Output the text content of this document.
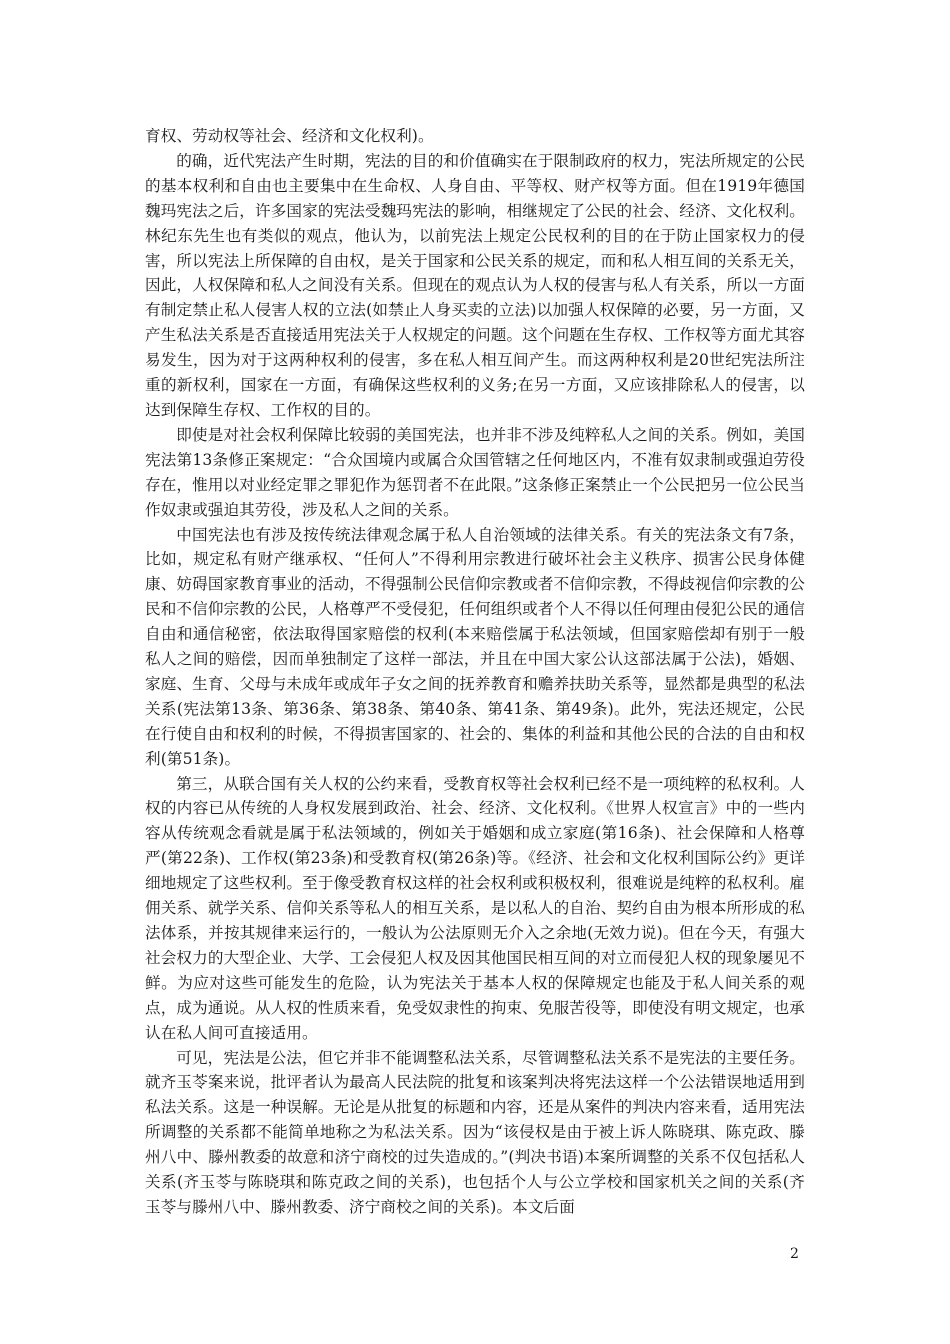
育权、劳动权等社会、经济和文化权利)。

的确，近代宪法产生时期，宪法的目的和价值确实在于限制政府的权力，宪法所规定的公民的基本权利和自由也主要集中在生命权、人身自由、平等权、财产权等方面。但在1919年德国魏玛宪法之后，许多国家的宪法受魏玛宪法的影响，相继规定了公民的社会、经济、文化权利。林纪东先生也有类似的观点，他认为，以前宪法上规定公民权利的目的在于防止国家权力的侵害，所以宪法上所保障的自由权，是关于国家和公民关系的规定，而和私人相互间的关系无关，因此，人权保障和私人之间没有关系。但现在的观点认为人权的侵害与私人有关系，所以一方面有制定禁止私人侵害人权的立法(如禁止人身买卖的立法)以加强人权保障的必要，另一方面，又产生私法关系是否直接适用宪法关于人权规定的问题。这个问题在生存权、工作权等方面尤其容易发生，因为对于这两种权利的侵害，多在私人相互间产生。而这两种权利是20世纪宪法所注重的新权利，国家在一方面，有确保这些权利的义务;在另一方面，又应该排除私人的侵害，以达到保障生存权、工作权的目的。

即使是对社会权利保障比较弱的美国宪法，也并非不涉及纯粹私人之间的关系。例如，美国宪法第13条修正案规定：“合众国境内或属合众国管辖之任何地区内，不准有奴隶制或强迫劳役存在，惟用以对业经定罪之罪犯作为惩罚者不在此限。”这条修正案禁止一个公民把另一位公民当作奴隶或强迫其劳役，涉及私人之间的关系。

中国宪法也有涉及按传统法律观念属于私人自治领域的法律关系。有关的宪法条文有7条，比如，规定私有财产继承权、“任何人”不得利用宗教进行破坏社会主义秩序、损害公民身体健康、妨碍国家教育事业的活动，不得强制公民信仰宗教或者不信仰宗教，不得歧视信仰宗教的公民和不信仰宗教的公民，人格尊严不受侵犯，任何组织或者个人不得以任何理由侵犯公民的通信自由和通信秘密，依法取得国家赔偿的权利(本来赔偿属于私法领域，但国家赔偿却有别于一般私人之间的赔偿，因而单独制定了这样一部法，并且在中国大家公认这部法属于公法)，婚姻、家庭、生育、父母与未成年或成年子女之间的抚养教育和赡养扶助关系等，显然都是典型的私法关系(宪法第13条、第36条、第38条、第40条、第41条、第49条)。此外，宪法还规定，公民在行使自由和权利的时候，不得损害国家的、社会的、集体的利益和其他公民的合法的自由和权利(第51条)。

第三，从联合国有关人权的公约来看，受教育权等社会权利已经不是一项纯粹的私权利。人权的内容已从传统的人身权发展到政治、社会、经济、文化权利。《世界人权宣言》中的一些内容从传统观念看就是属于私法领域的，例如关于婚姻和成立家庭(第16条)、社会保障和人格尊严(第22条)、工作权(第23条)和受教育权(第26条)等。《经济、社会和文化权利国际公约》更详细地规定了这些权利。至于像受教育权这样的社会权利或积极权利，很难说是纯粹的私权利。雇佣关系、就学关系、信仰关系等私人的相互关系，是以私人的自治、契约自由为根本所形成的私法体系，并按其规律来运行的，一般认为公法原则无介入之余地(无效力说)。但在今天，有强大社会权力的大型企业、大学、工会侵犯人权及因其他国民相互间的对立而侵犯人权的现象屡见不鲜。为应对这些可能发生的危险，认为宪法关于基本人权的保障规定也能及于私人间关系的观点，成为通说。从人权的性质来看，免受奴隶性的拘束、免服苦役等，即使没有明文规定，也承认在私人间可直接适用。

可见，宪法是公法，但它并非不能调整私法关系，尽管调整私法关系不是宪法的主要任务。就齐玉苓案来说，批评者认为最高人民法院的批复和该案判决将宪法这样一个公法错误地适用到私法关系。这是一种误解。无论是从批复的标题和内容，还是从案件的判决内容来看，适用宪法所调整的关系都不能简单地称之为私法关系。因为“该侵权是由于被上诉人陈晓琪、陈克政、滕州八中、滕州教委的故意和济宁商校的过失造成的。”(判决书语)本案所调整的关系不仅包括私人关系(齐玉苓与陈晓琪和陈克政之间的关系)，也包括个人与公立学校和国家机关之间的关系(齐玉苓与滕州八中、滕州教委、济宁商校之间的关系)。本文后面

2
